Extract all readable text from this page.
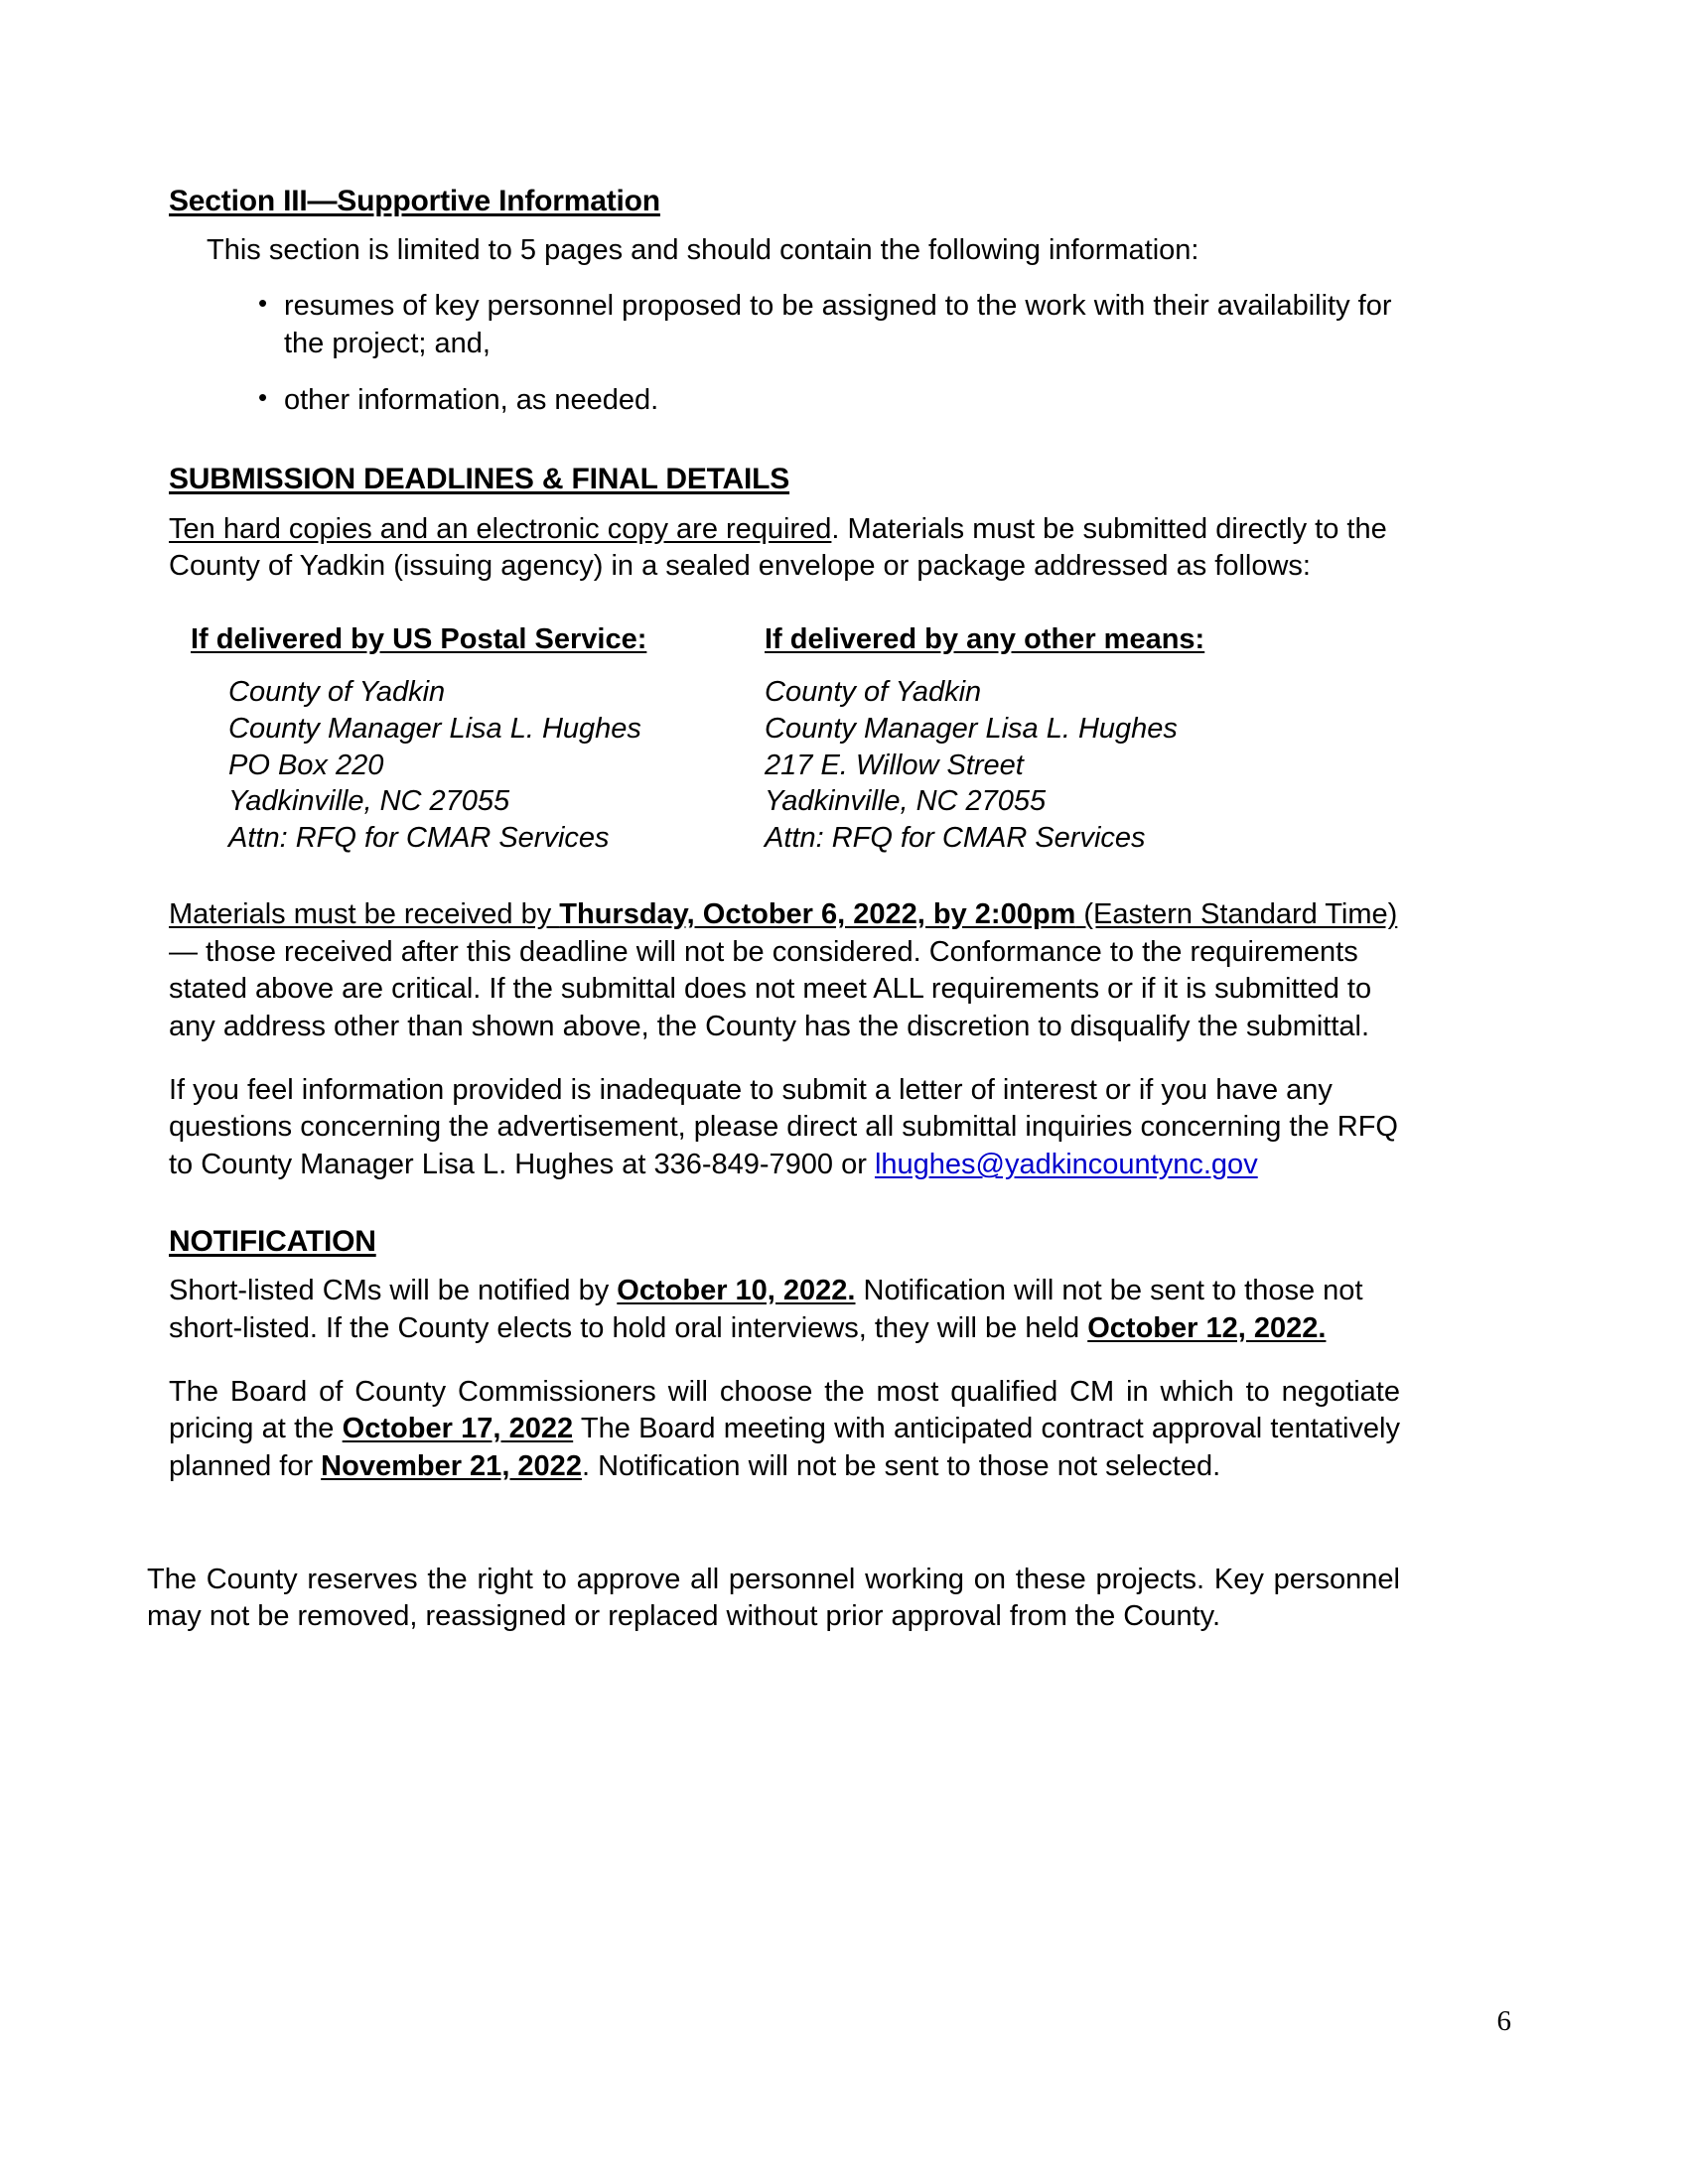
Section III—Supportive Information

This section is limited to 5 pages and should contain the following information:

• resumes of key personnel proposed to be assigned to the work with their availability for the project; and,
• other information, as needed.
SUBMISSION DEADLINES & FINAL DETAILS

Ten hard copies and an electronic copy are required. Materials must be submitted directly to the County of Yadkin (issuing agency) in a sealed envelope or package addressed as follows:

If delivered by US Postal Service:
County of Yadkin
County Manager Lisa L. Hughes
PO Box 220
Yadkinville, NC 27055
Attn: RFQ for CMAR Services
If delivered by any other means:
County of Yadkin
County Manager Lisa L. Hughes
217 E. Willow Street
Yadkinville, NC 27055
Attn: RFQ for CMAR Services

Materials must be received by Thursday, October 6, 2022, by 2:00pm (Eastern Standard Time)— those received after this deadline will not be considered. Conformance to the requirements stated above are critical. If the submittal does not meet ALL requirements or if it is submitted to any address other than shown above, the County has the discretion to disqualify the submittal.

If you feel information provided is inadequate to submit a letter of interest or if you have any questions concerning the advertisement, please direct all submittal inquiries concerning the RFQ to County Manager Lisa L. Hughes at 336-849-7900 or lhughes@yadkincountync.gov

NOTIFICATION

Short-listed CMs will be notified by October 10, 2022. Notification will not be sent to those not short-listed. If the County elects to hold oral interviews, they will be held October 12, 2022.

The Board of County Commissioners will choose the most qualified CM in which to negotiate pricing at the October 17, 2022 The Board meeting with anticipated contract approval tentatively planned for November 21, 2022. Notification will not be sent to those not selected.

The County reserves the right to approve all personnel working on these projects. Key personnel may not be removed, reassigned or replaced without prior approval from the County.

6
